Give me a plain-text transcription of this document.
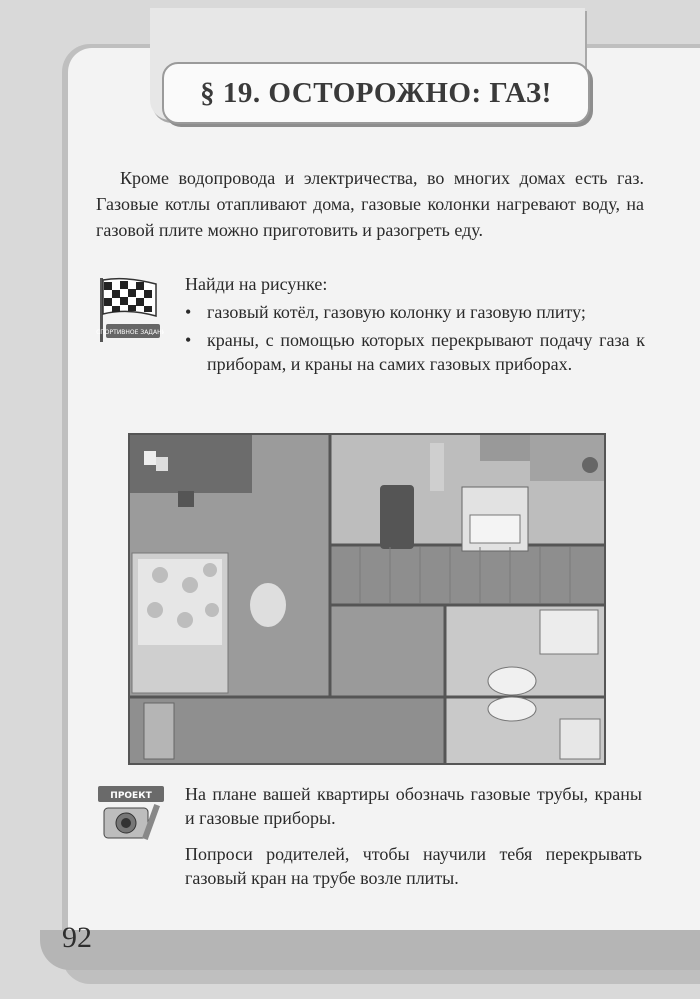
§ 19. ОСТОРОЖНО: ГАЗ!

Кроме водопровода и электричества, во многих домах есть газ. Газовые котлы отапливают дома, газовые колонки нагревают воду, на газовой плите можно приготовить и разогреть еду.

СПОРТИВНОЕ ЗАДАНИЕ

Найди на рисунке:

• газовый котёл, газовую колонку и газовую плиту;
• краны, с помощью которых перекрывают подачу газа к приборам, и краны на самих газовых приборах.
ПРОЕКТ На плане вашей квартиры обозначь газовые трубы, краны и газовые приборы.

Попроси родителей, чтобы научили тебя перекрывать газовый кран на трубе возле плиты.

92
